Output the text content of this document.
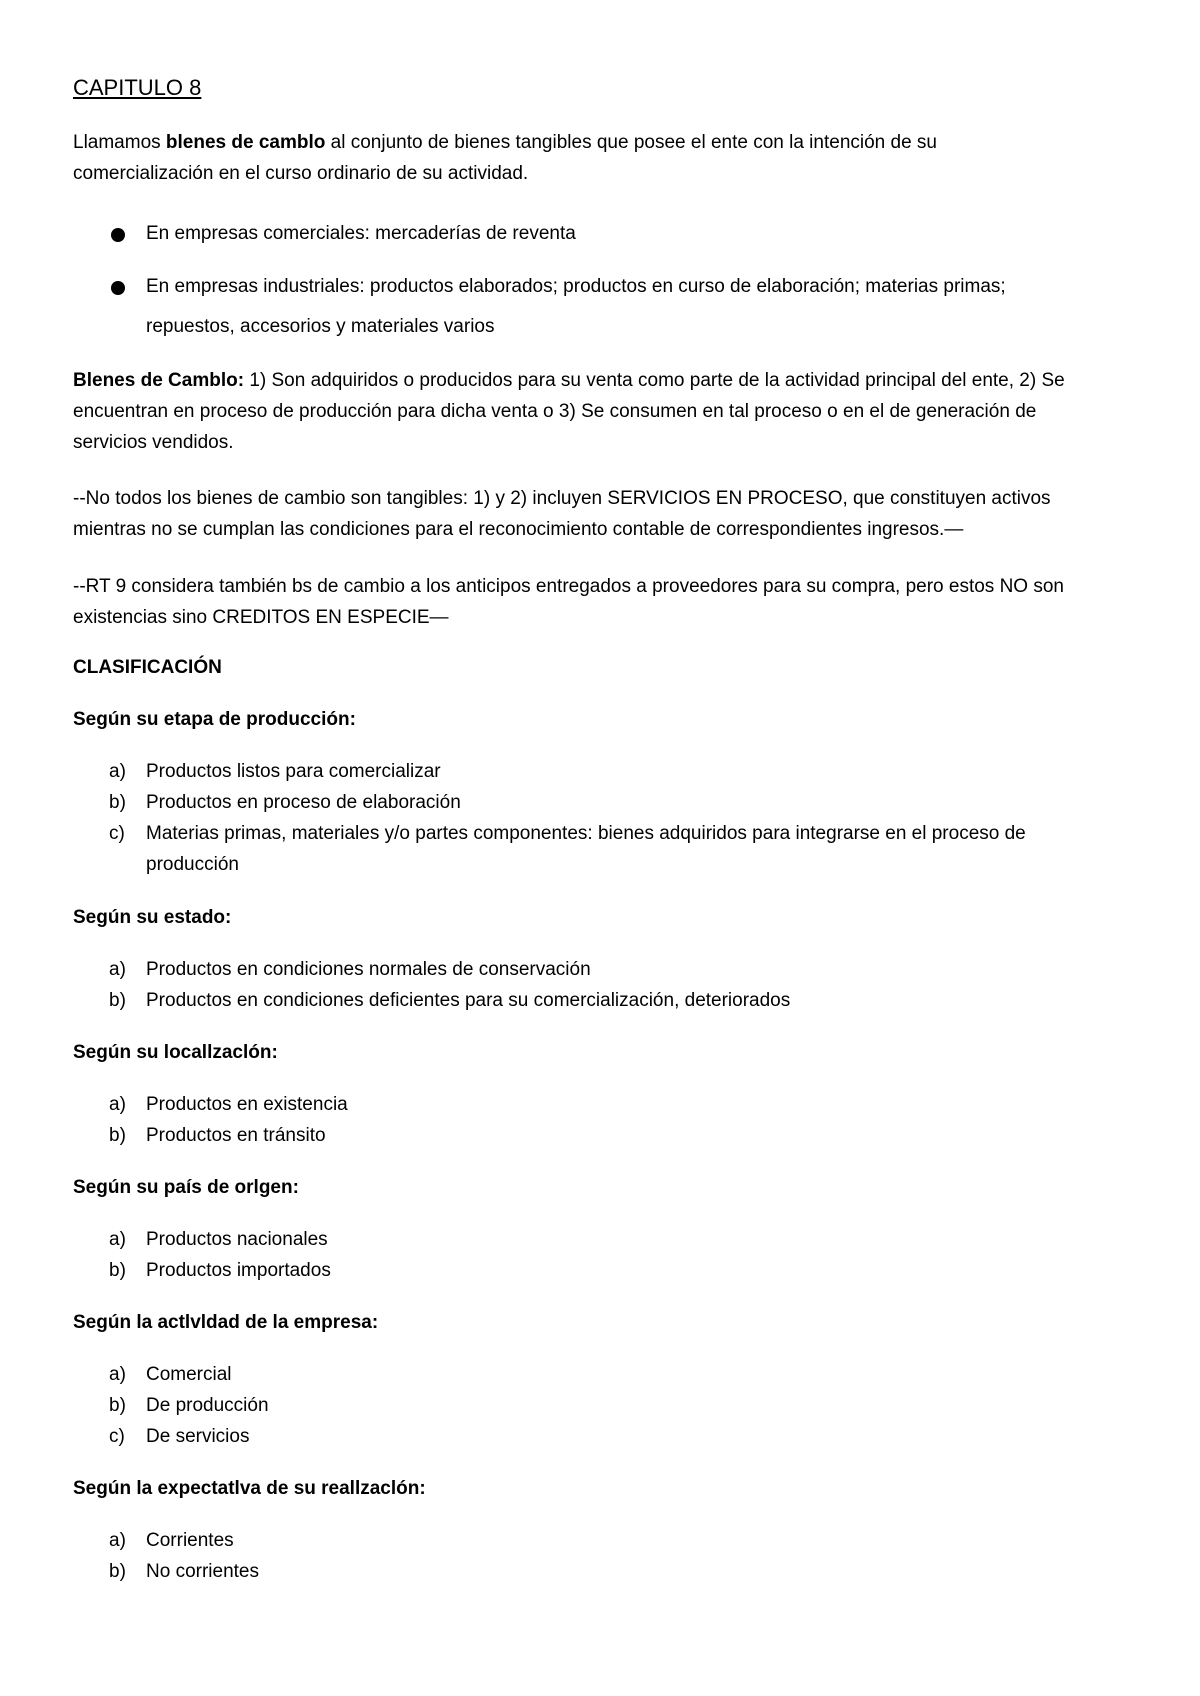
CAPITULO 8
Llamamos blenes de camblo al conjunto de bienes tangibles que posee el ente con la intención de su
comercialización en el curso ordinario de su actividad.
En empresas comerciales: mercaderías de reventa
En empresas industriales: productos elaborados; productos en curso de elaboración; materias primas;
repuestos, accesorios y materiales varios
Blenes de Camblo: 1) Son adquiridos o producidos para su venta como parte de la actividad principal del ente, 2) Se
encuentran en proceso de producción para dicha venta o 3) Se consumen en tal proceso o en el de generación de
servicios vendidos.
--No todos los bienes de cambio son tangibles: 1) y 2) incluyen SERVICIOS EN PROCESO, que constituyen activos
mientras no se cumplan las condiciones para el reconocimiento contable de correspondientes ingresos.—
--RT 9 considera también bs de cambio a los anticipos entregados a proveedores para su compra, pero estos NO son
existencias sino CREDITOS EN ESPECIE—
CLASIFICACIÓN
Según su etapa de producción:
a) Productos listos para comercializar
b) Productos en proceso de elaboración
c) Materias primas, materiales y/o partes componentes: bienes adquiridos para integrarse en el proceso de
producción
Según su estado:
a) Productos en condiciones normales de conservación
b) Productos en condiciones deficientes para su comercialización, deteriorados
Según su locallzaclón:
a) Productos en existencia
b) Productos en tránsito
Según su país de orlgen:
a) Productos nacionales
b) Productos importados
Según la actlvldad de la empresa:
a) Comercial
b) De producción
c) De servicios
Según la expectatlva de su reallzaclón:
a) Corrientes
b) No corrientes
